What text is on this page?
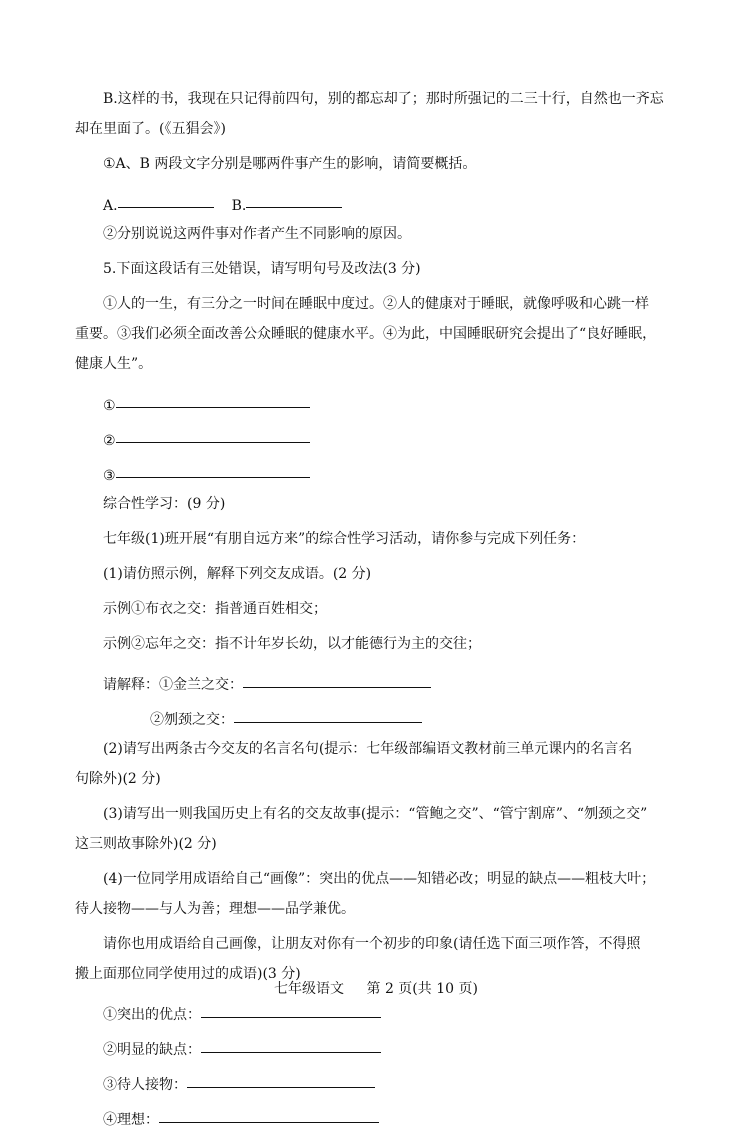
B.这样的书，我现在只记得前四句，别的都忘却了；那时所强记的二三十行，自然也一齐忘
却在里面了。(《五猖会》)

①A、B 两段文字分别是哪两件事产生的影响，请简要概括。

A.	B.

②分别说说这两件事对作者产生不同影响的原因。

5.下面这段话有三处错误，请写明句号及改法(3 分)

①人的一生，有三分之一时间在睡眠中度过。②人的健康对于睡眠，就像呼吸和心跳一样
重要。③我们必须全面改善公众睡眠的健康水平。④为此，中国睡眠研究会提出了“良好睡眠，
健康人生”。

①
②
③

综合性学习：(9 分)

七年级(1)班开展“有朋自远方来”的综合性学习活动，请你参与完成下列任务：

(1)请仿照示例，解释下列交友成语。(2 分)

示例①布衣之交：指普通百姓相交；

示例②忘年之交：指不计年岁长幼，以才能德行为主的交往；

请解释：①金兰之交：
②刎颈之交：

(2)请写出两条古今交友的名言名句(提示：七年级部编语文教材前三单元课内的名言名
句除外)(2 分)

(3)请写出一则我国历史上有名的交友故事(提示：“管鲍之交”、“管宁割席”、“刎颈之交”
这三则故事除外)(2 分)

(4)一位同学用成语给自己“画像”：突出的优点——知错必改；明显的缺点——粗枝大叶；
待人接物——与人为善；理想——品学兼优。

请你也用成语给自己画像，让朋友对你有一个初步的印象(请任选下面三项作答，不得照
搬上面那位同学使用过的成语)(3 分)

①突出的优点：
②明显的缺点：
③待人接物：
④理想：
七年级语文 第 2 页(共 10 页)
